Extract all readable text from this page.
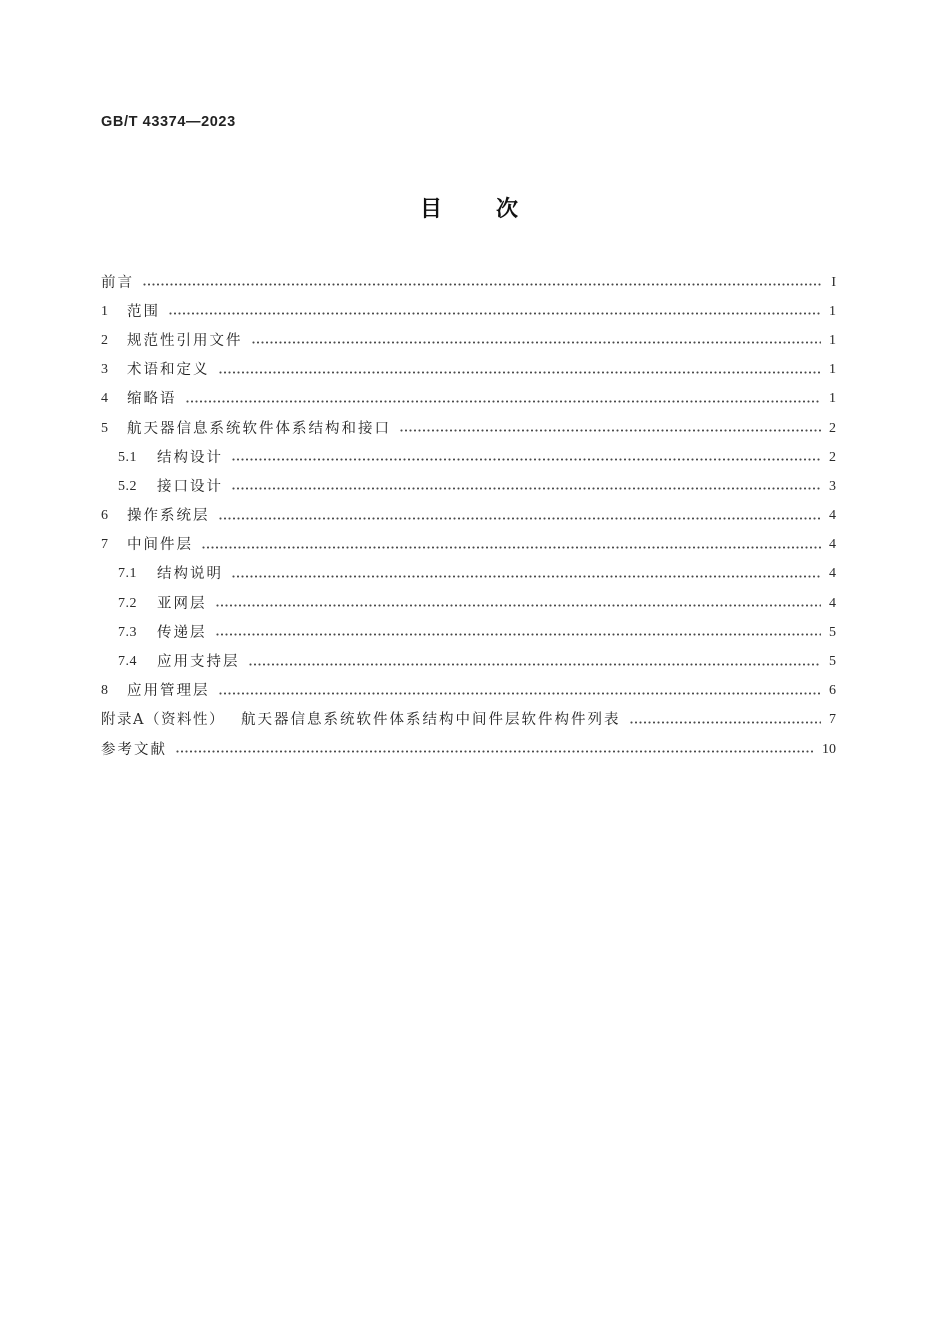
GB/T 43374—2023
目次
前言	I
1	范围	1
2	规范性引用文件	1
3	术语和定义	1
4	缩略语	1
5	航天器信息系统软件体系结构和接口	2
5.1	结构设计	2
5.2	接口设计	3
6	操作系统层	4
7	中间件层	4
7.1	结构说明	4
7.2	亚网层	4
7.3	传递层	5
7.4	应用支持层	5
8	应用管理层	6
附录A（资料性）	航天器信息系统软件体系结构中间件层软件构件列表	7
参考文献	10
